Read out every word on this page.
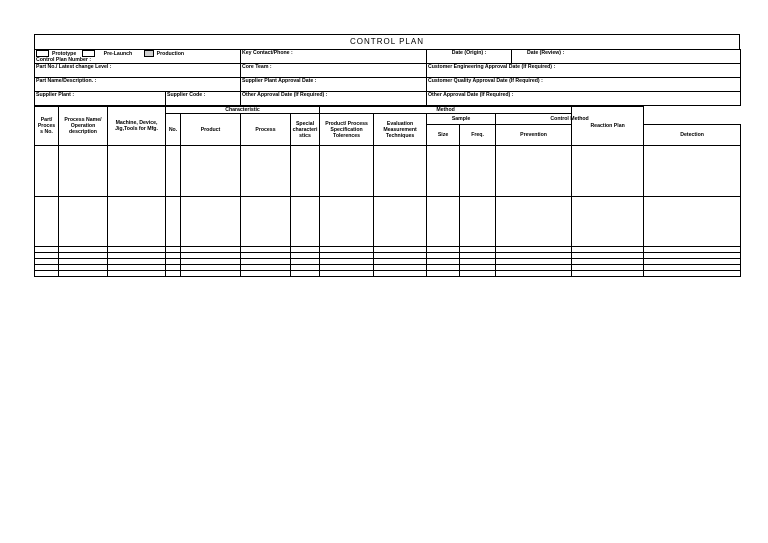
CONTROL PLAN
Prototype Pre-Launch Production
Control Plan Number :		Key Contact/Phone :	Date (Origin) :	Date (Review) :
Part No./ Latest change Level :		Core Team :	Customer Engineering Approval Date (If Required) :	
Part Name/Description. :		Supplier Plant Approval Date :	Customer Quality Approval Date (If Required) :	
Supplier Plant :	Supplier Code :	Other Approval Date (If Required) :	Other Approval Date (If Required) :	
Part/ Proces s No.	Process Name/ Operation description	Machine, Device, Jig,Tools for Mfg.	Characteristic				Method					Reaction Plan	
			No.	Product	Process	Special characteri stics	Product/ Process Specification Tolerences	Evaluation Measurement Techniques	Sample		Control Method		
									Size	Freq.	Prevention		Detection
